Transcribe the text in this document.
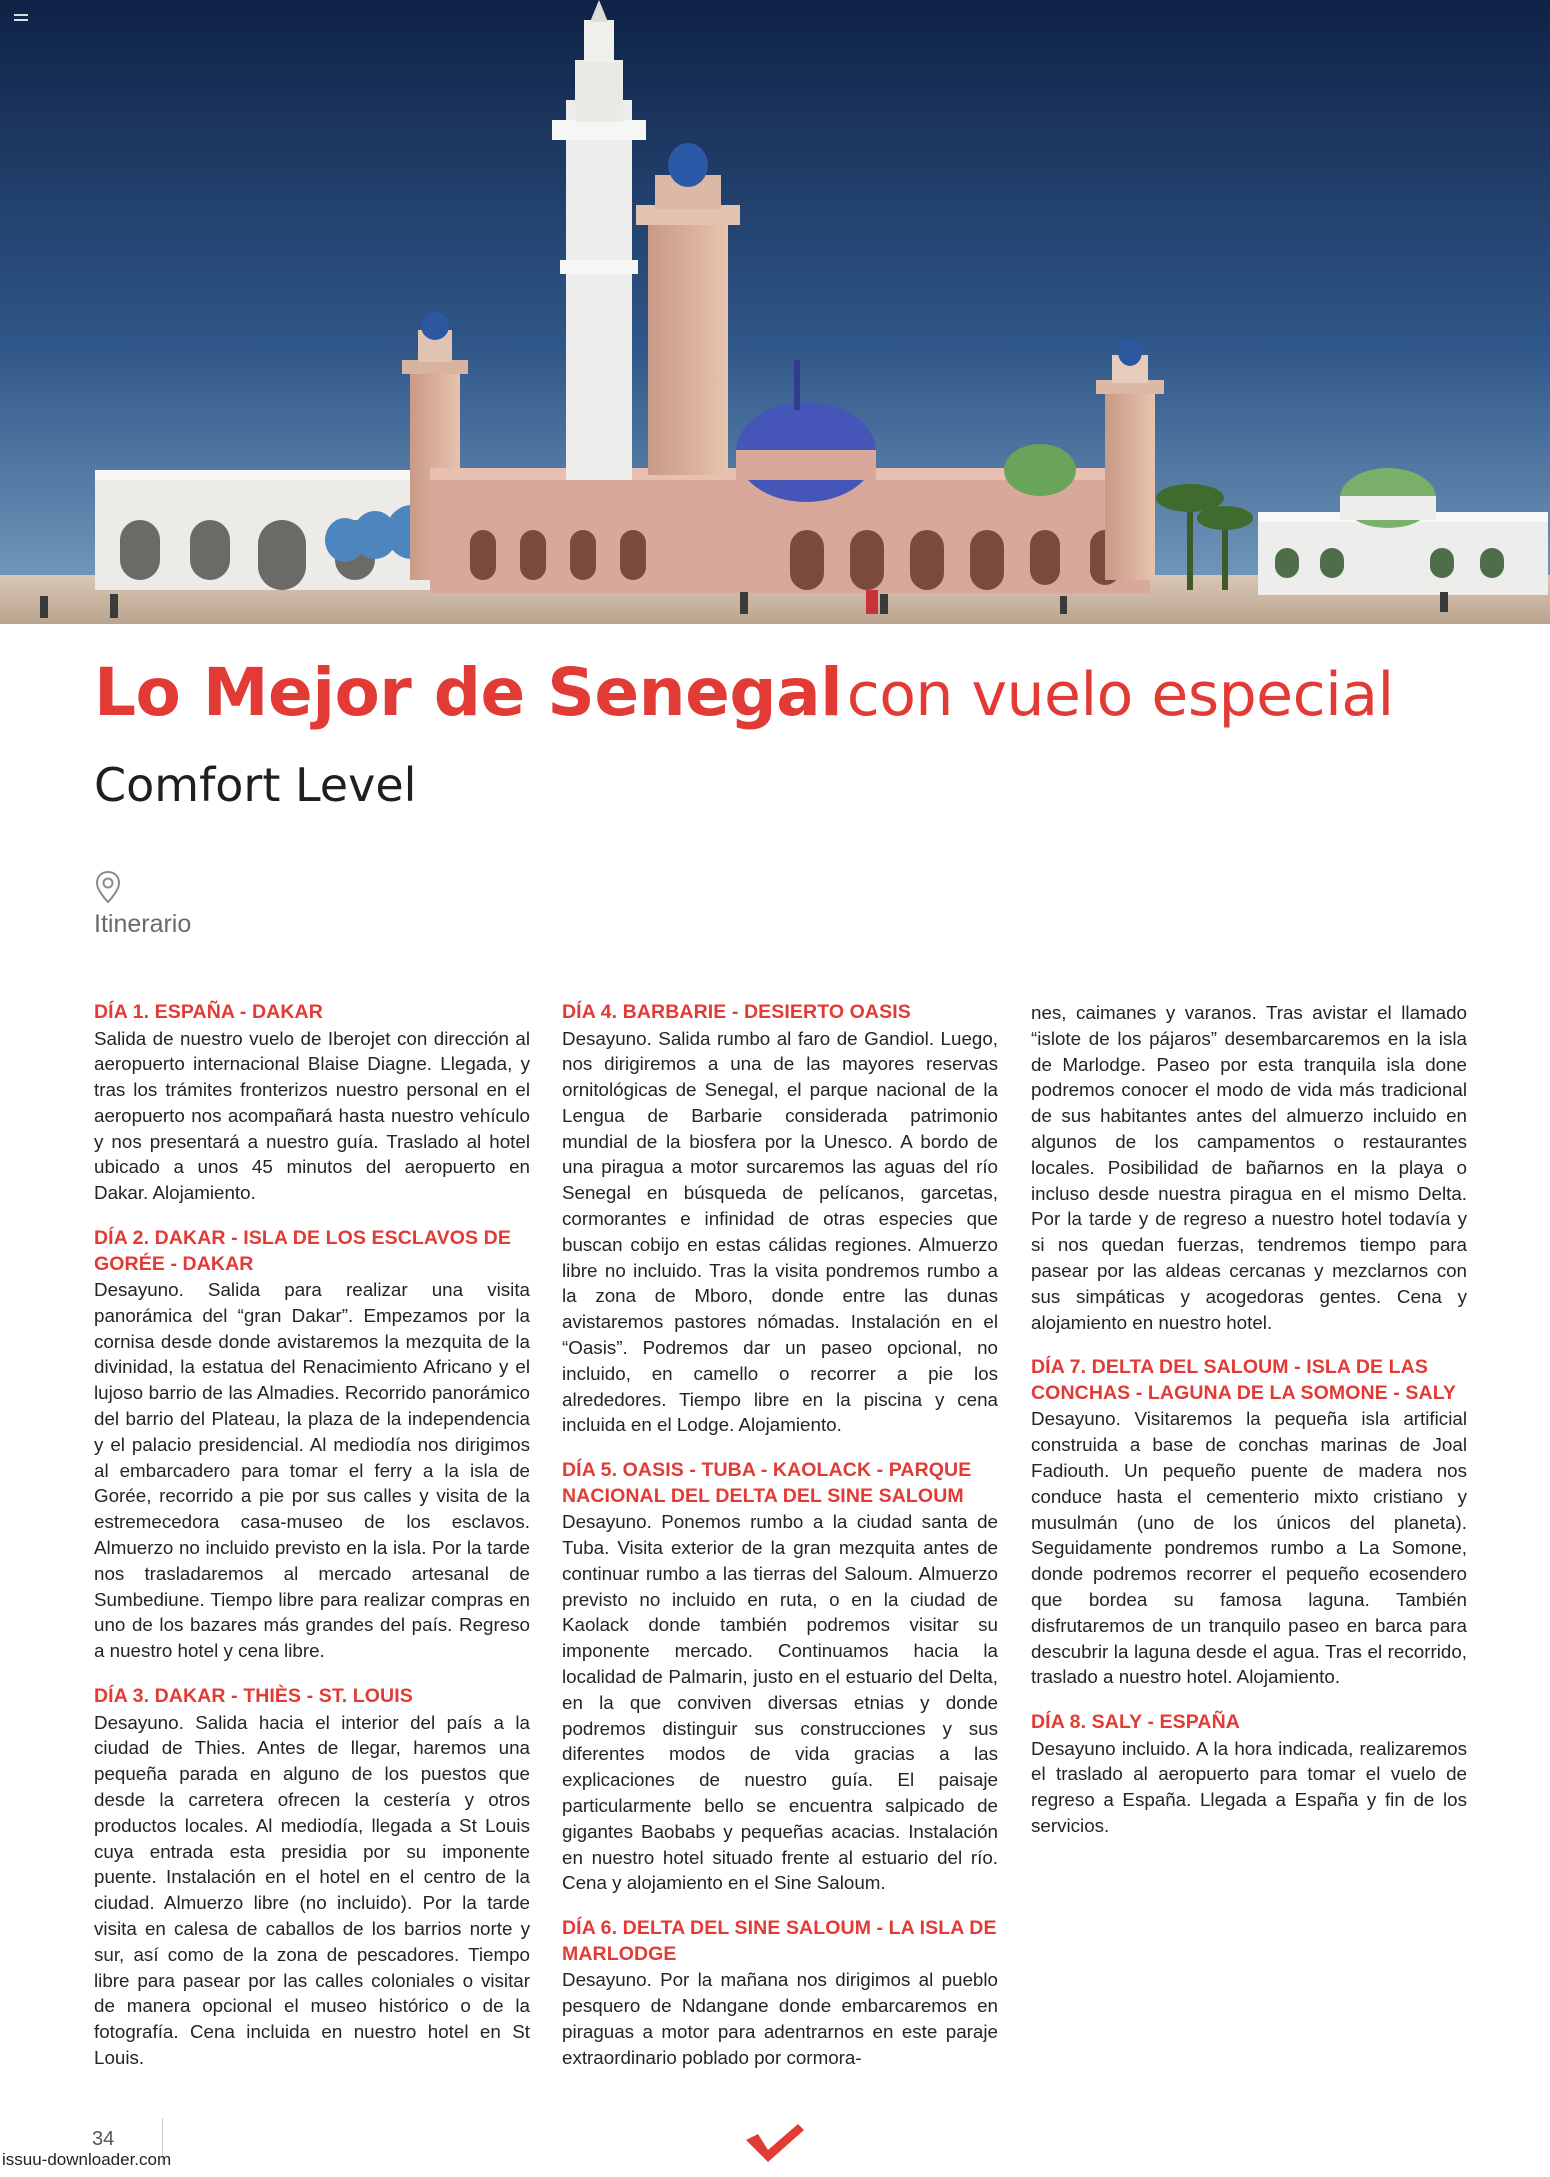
Lo Mejor de Senegal con vuelo especial
Comfort Level
Itinerario
DÍA 1. ESPAÑA - DAKAR

Salida de nuestro vuelo de Iberojet con dirección al aeropuerto internacional Blaise Diagne. Llegada, y tras los trámites fronterizos nuestro personal en el aeropuerto nos acompañará hasta nuestro vehículo y nos presentará a nuestro guía. Traslado al hotel ubicado a unos 45 minutos del aeropuerto en Dakar. Alojamiento.

DÍA 2. DAKAR - ISLA DE LOS ESCLAVOS DE GORÉE - DAKAR

Desayuno. Salida para realizar una visita panorámica del “gran Dakar”. Empezamos por la cornisa desde donde avistaremos la mezquita de la divinidad, la estatua del Renacimiento Africano y el lujoso barrio de las Almadies. Recorrido panorámico del barrio del Plateau, la plaza de la independencia y el palacio presidencial. Al mediodía nos dirigimos al embarcadero para tomar el ferry a la isla de Gorée, recorrido a pie por sus calles y visita de la estremecedora casa-museo de los esclavos. Almuerzo no incluido previsto en la isla. Por la tarde nos trasladaremos al mercado artesanal de Sumbediune. Tiempo libre para realizar compras en uno de los bazares más grandes del país. Regreso a nuestro hotel y cena libre.

DÍA 3. DAKAR - THIÈS - ST. LOUIS

Desayuno. Salida hacia el interior del país a la ciudad de Thies. Antes de llegar, haremos una pequeña parada en alguno de los puestos que desde la carretera ofrecen la cestería y otros productos locales. Al mediodía, llegada a St Louis cuya entrada esta presidia por su imponente puente. Instalación en el hotel en el centro de la ciudad. Almuerzo libre (no incluido). Por la tarde visita en calesa de caballos de los barrios norte y sur, así como de la zona de pescadores. Tiempo libre para pasear por las calles coloniales o visitar de manera opcional el museo histórico o de la fotografía. Cena incluida en nuestro hotel en St Louis.

DÍA 4. BARBARIE - DESIERTO OASIS

Desayuno. Salida rumbo al faro de Gandiol. Luego, nos dirigiremos a una de las mayores reservas ornitológicas de Senegal, el parque nacional de la Lengua de Barbarie considerada patrimonio mundial de la biosfera por la Unesco. A bordo de una piragua a motor surcaremos las aguas del río Senegal en búsqueda de pelícanos, garcetas, cormorantes e infinidad de otras especies que buscan cobijo en estas cálidas regiones. Almuerzo libre no incluido. Tras la visita pondremos rumbo a la zona de Mboro, donde entre las dunas avistaremos pastores nómadas. Instalación en el “Oasis”. Podremos dar un paseo opcional, no incluido, en camello o recorrer a pie los alrededores. Tiempo libre en la piscina y cena incluida en el Lodge. Alojamiento.

DÍA 5. OASIS - TUBA - KAOLACK - PARQUE NACIONAL DEL DELTA DEL SINE SALOUM

Desayuno. Ponemos rumbo a la ciudad santa de Tuba. Visita exterior de la gran mezquita antes de continuar rumbo a las tierras del Saloum. Almuerzo previsto no incluido en ruta, o en la ciudad de Kaolack donde también podremos visitar su imponente mercado. Continuamos hacia la localidad de Palmarin, justo en el estuario del Delta, en la que conviven diversas etnias y donde podremos distinguir sus construcciones y sus diferentes modos de vida gracias a las explicaciones de nuestro guía. El paisaje particularmente bello se encuentra salpicado de gigantes Baobabs y pequeñas acacias. Instalación en nuestro hotel situado frente al estuario del río. Cena y alojamiento en el Sine Saloum.

DÍA 6. DELTA DEL SINE SALOUM - LA ISLA DE MARLODGE

Desayuno. Por la mañana nos dirigimos al pueblo pesquero de Ndangane donde embarcaremos en piraguas a motor para adentrarnos en este paraje extraordinario poblado por cormora-

nes, caimanes y varanos. Tras avistar el llamado “islote de los pájaros” desembarcaremos en la isla de Marlodge. Paseo por esta tranquila isla done podremos conocer el modo de vida más tradicional de sus habitantes antes del almuerzo incluido en algunos de los campamentos o restaurantes locales. Posibilidad de bañarnos en la playa o incluso desde nuestra piragua en el mismo Delta. Por la tarde y de regreso a nuestro hotel todavía y si nos quedan fuerzas, tendremos tiempo para pasear por las aldeas cercanas y mezclarnos con sus simpáticas y acogedoras gentes. Cena y alojamiento en nuestro hotel.

DÍA 7. DELTA DEL SALOUM - ISLA DE LAS CONCHAS - LAGUNA DE LA SOMONE - SALY

Desayuno. Visitaremos la pequeña isla artificial construida a base de conchas marinas de Joal Fadiouth. Un pequeño puente de madera nos conduce hasta el cementerio mixto cristiano y musulmán (uno de los únicos del planeta). Seguidamente pondremos rumbo a La Somone, donde podremos recorrer el pequeño ecosendero que bordea su famosa laguna. También disfrutaremos de un tranquilo paseo en barca para descubrir la laguna desde el agua. Tras el recorrido, traslado a nuestro hotel. Alojamiento.

DÍA 8. SALY - ESPAÑA

Desayuno incluido. A la hora indicada, realizaremos el traslado al aeropuerto para tomar el vuelo de regreso a España. Llegada a España y fin de los servicios.

34
issuu-downloader.com
